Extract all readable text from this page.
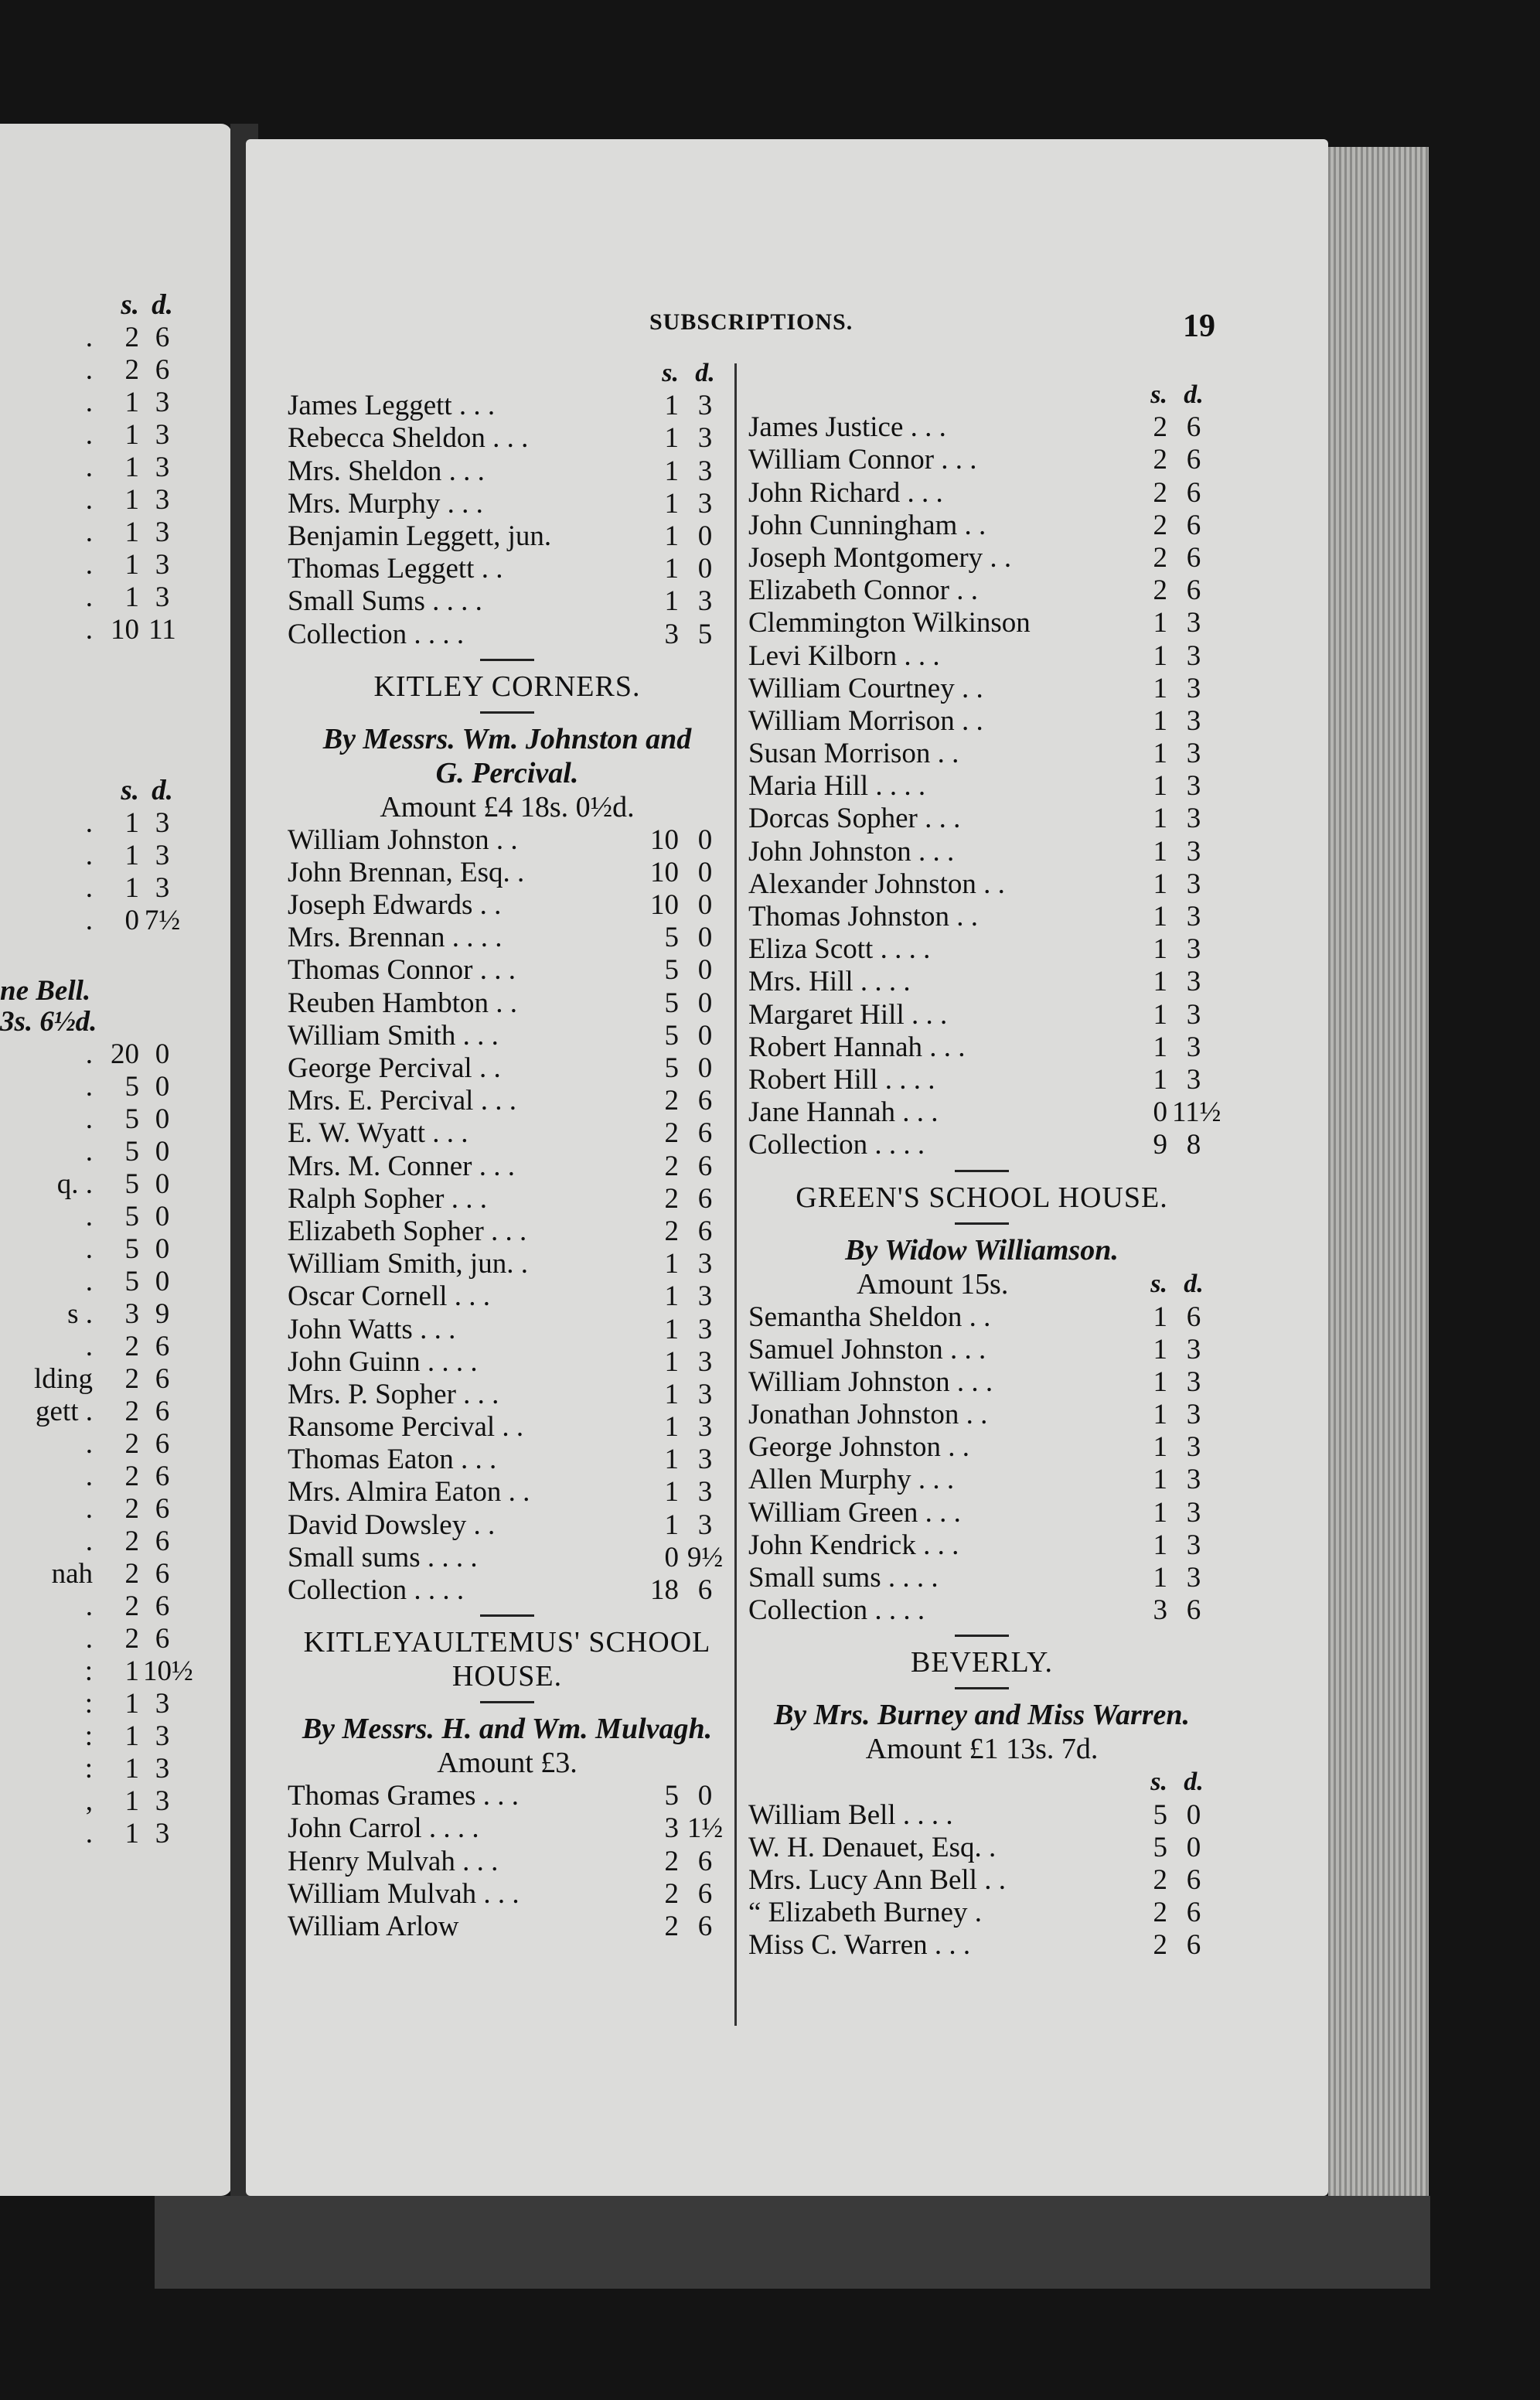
s. d.
.	2 6
.	2 6
.	1 3
.	1 3
.	1 3
.	1 3
.	1 3
.	1 3
.	1 3
. 10 11
s. d.
.	1 3
.	1 3
.	1 3
.	0 7½
ne Bell.
3s. 6½d.
. 20 0
.	5 0
.	5 0
.	5 0
q. .	5 0
.	5 0
.	5 0
.	5 0
s .	3 9
.	2 6
lding	2 6
gett .	2 6
.	2 6
.	2 6
.	2 6
.	2 6
nah	2 6
.	2 6
.	2 6
:	1 10½
:	1 3
:	1 3
:	1 3
,	1 3
.	1 3
SUBSCRIPTIONS.	19
s. d.
James Leggett . . .	1 3
Rebecca Sheldon . . .	1 3
Mrs. Sheldon . . .	1 3
Mrs. Murphy . . .	1 3
Benjamin Leggett, jun.	1 0
Thomas Leggett . .	1 0
Small Sums . . . .	1 3
Collection . . . .	3 5
KITLEY CORNERS.
By Messrs. Wm. Johnston and
G. Percival.
Amount £4 18s. 0½d.
William Johnston . .	10 0
John Brennan, Esq. .	10 0
Joseph Edwards . .	10 0
Mrs. Brennan . . . .	5 0
Thomas Connor . . .	5 0
Reuben Hambton . .	5 0
William Smith . . .	5 0
George Percival . .	5 0
Mrs. E. Percival . . .	2 6
E. W. Wyatt . . .	2 6
Mrs. M. Conner . . .	2 6
Ralph Sopher . . .	2 6
Elizabeth Sopher . . .	2 6
William Smith, jun. .	1 3
Oscar Cornell . . .	1 3
John Watts . . .	1 3
John Guinn . . . .	1 3
Mrs. P. Sopher . . .	1 3
Ransome Percival . .	1 3
Thomas Eaton . . .	1 3
Mrs. Almira Eaton . .	1 3
David Dowsley . .	1 3
Small sums . . . .	0 9½
Collection . . . .	18 6
KITLEYAULTEMUS' SCHOOL
HOUSE.
By Messrs. H. and Wm. Mulvagh.
Amount £3.
Thomas Grames . . .	5 0
John Carrol . . . .	3 1½
Henry Mulvah . . .	2 6
William Mulvah . . .	2 6
William Arlow	2 6
s. d.
James Justice . . .	2 6
William Connor . . .	2 6
John Richard . . .	2 6
John Cunningham . .	2 6
Joseph Montgomery . .	2 6
Elizabeth Connor . .	2 6
Clemmington Wilkinson	1 3
Levi Kilborn . . .	1 3
William Courtney . .	1 3
William Morrison . .	1 3
Susan Morrison . .	1 3
Maria Hill . . . .	1 3
Dorcas Sopher . . .	1 3
John Johnston . . .	1 3
Alexander Johnston . .	1 3
Thomas Johnston . .	1 3
Eliza Scott . . . .	1 3
Mrs. Hill . . . .	1 3
Margaret Hill . . .	1 3
Robert Hannah . . .	1 3
Robert Hill . . . .	1 3
Jane Hannah . . .	0 11½
Collection . . . .	9 8
GREEN'S SCHOOL HOUSE.
By Widow Williamson.
Amount 15s.	s. d.
Semantha Sheldon . .	1 6
Samuel Johnston . . .	1 3
William Johnston . . .	1 3
Jonathan Johnston . .	1 3
George Johnston . .	1 3
Allen Murphy . . .	1 3
William Green . . .	1 3
John Kendrick . . .	1 3
Small sums . . . .	1 3
Collection . . . .	3 6
BEVERLY.
By Mrs. Burney and Miss Warren.
Amount £1 13s. 7d.
s. d.
William Bell . . . .	5 0
W. H. Denauet, Esq. .	5 0
Mrs. Lucy Ann Bell . .	2 6
“ Elizabeth Burney .	2 6
Miss C. Warren . . .	2 6
